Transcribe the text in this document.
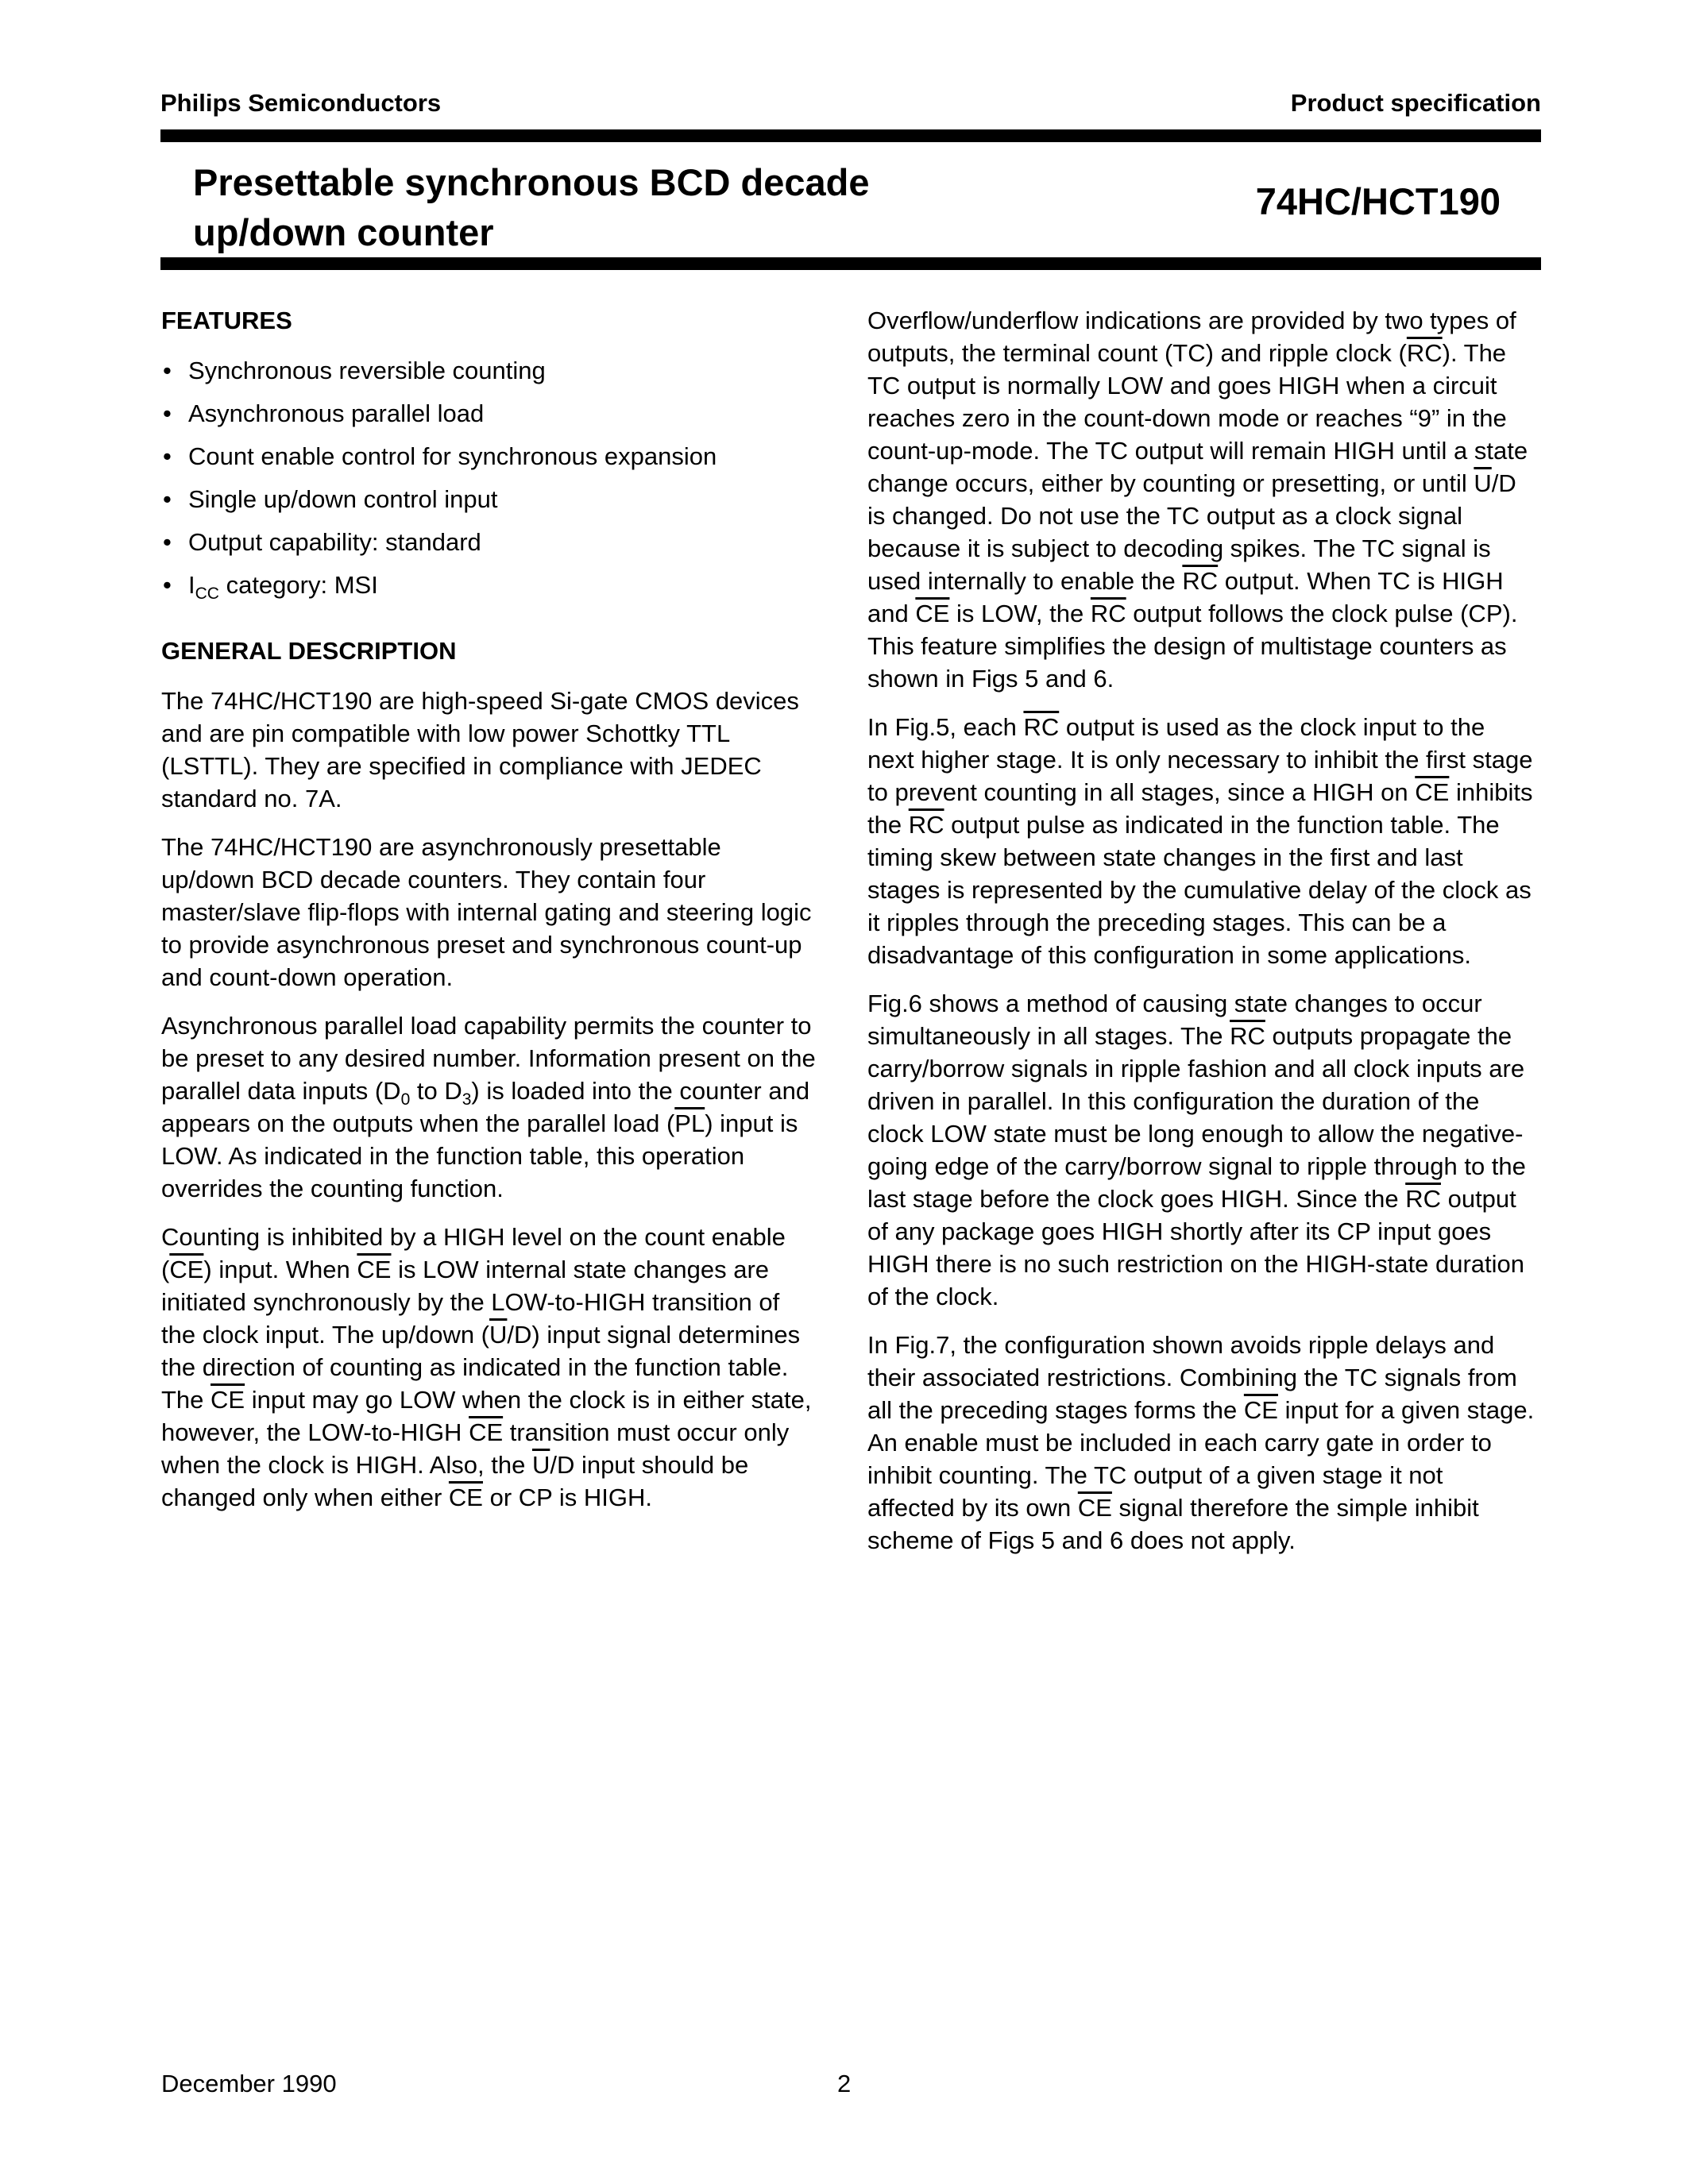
Philips Semiconductors	Product specification
Presettable synchronous BCD decade
up/down counter
74HC/HCT190
FEATURES
• Synchronous reversible counting
• Asynchronous parallel load
• Count enable control for synchronous expansion
• Single up/down control input
• Output capability: standard
• $I_{CC}$ category: MSI
GENERAL DESCRIPTION

The 74HC/HCT190 are high-speed Si-gate CMOS devices and are pin compatible with low power Schottky TTL (LSTTL). They are specified in compliance with JEDEC standard no. 7A.

The 74HC/HCT190 are asynchronously presettable up/down BCD decade counters. They contain four master/slave flip-flops with internal gating and steering logic to provide asynchronous preset and synchronous count-up and count-down operation.

Asynchronous parallel load capability permits the counter to be preset to any desired number. Information present on the parallel data inputs ($D_0$ to $D_3$) is loaded into the counter and appears on the outputs when the parallel load $(\overline{PL})$ input is LOW. As indicated in the function table, this operation overrides the counting function.

Counting is inhibited by a HIGH level on the count enable $(\overline{CE})$ input. When $\overline{CE}$ is LOW internal state changes are initiated synchronously by the LOW-to-HIGH transition of the clock input. The up/down $(\overline{U}/D)$ input signal determines the direction of counting as indicated in the function table. The $\overline{CE}$ input may go LOW when the clock is in either state, however, the LOW-to-HIGH $\overline{CE}$ transition must occur only when the clock is HIGH. Also, the $\overline{U}/D$ input should be changed only when either $\overline{CE}$ or CP is HIGH.

Overflow/underflow indications are provided by two types of outputs, the terminal count (TC) and ripple clock $(\overline{RC})$. The TC output is normally LOW and goes HIGH when a circuit reaches zero in the count-down mode or reaches “9” in the count-up-mode. The TC output will remain HIGH until a state change occurs, either by counting or presetting, or until $\overline{U}/D$ is changed. Do not use the TC output as a clock signal because it is subject to decoding spikes. The TC signal is used internally to enable the $\overline{RC}$ output. When TC is HIGH and $\overline{CE}$ is LOW, the $\overline{RC}$ output follows the clock pulse (CP). This feature simplifies the design of multistage counters as shown in Figs 5 and 6.

In Fig.5, each $\overline{RC}$ output is used as the clock input to the next higher stage. It is only necessary to inhibit the first stage to prevent counting in all stages, since a HIGH on $\overline{CE}$ inhibits the $\overline{RC}$ output pulse as indicated in the function table. The timing skew between state changes in the first and last stages is represented by the cumulative delay of the clock as it ripples through the preceding stages. This can be a disadvantage of this configuration in some applications.

Fig.6 shows a method of causing state changes to occur simultaneously in all stages. The $\overline{RC}$ outputs propagate the carry/borrow signals in ripple fashion and all clock inputs are driven in parallel. In this configuration the duration of the clock LOW state must be long enough to allow the negative-going edge of the carry/borrow signal to ripple through to the last stage before the clock goes HIGH. Since the $\overline{RC}$ output of any package goes HIGH shortly after its CP input goes HIGH there is no such restriction on the HIGH-state duration of the clock.

In Fig.7, the configuration shown avoids ripple delays and their associated restrictions. Combining the TC signals from all the preceding stages forms the $\overline{CE}$ input for a given stage. An enable must be included in each carry gate in order to inhibit counting. The TC output of a given stage it not affected by its own $\overline{CE}$ signal therefore the simple inhibit scheme of Figs 5 and 6 does not apply.

December 1990	2
